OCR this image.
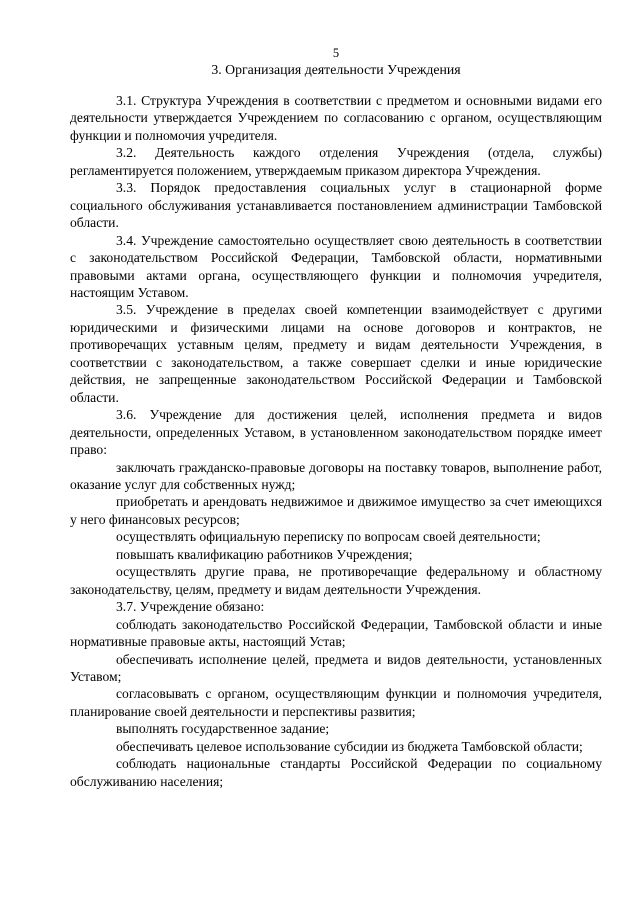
5

3. Организация деятельности Учреждения

3.1. Структура Учреждения в соответствии с предметом и основными видами его деятельности утверждается Учреждением по согласованию с органом, осуществляющим функции и полномочия учредителя.

3.2. Деятельность каждого отделения Учреждения (отдела, службы) регламентируется положением, утверждаемым приказом директора Учреждения.

3.3. Порядок предоставления социальных услуг в стационарной форме социального обслуживания устанавливается постановлением администрации Тамбовской области.

3.4. Учреждение самостоятельно осуществляет свою деятельность в соответствии с законодательством Российской Федерации, Тамбовской области, нормативными правовыми актами органа, осуществляющего функции и полномочия учредителя, настоящим Уставом.

3.5. Учреждение в пределах своей компетенции взаимодействует с другими юридическими и физическими лицами на основе договоров и контрактов, не противоречащих уставным целям, предмету и видам деятельности Учреждения, в соответствии с законодательством, а также совершает сделки и иные юридические действия, не запрещенные законодательством Российской Федерации и Тамбовской области.

3.6. Учреждение для достижения целей, исполнения предмета и видов деятельности, определенных Уставом, в установленном законодательством порядке имеет право:

заключать гражданско-правовые договоры на поставку товаров, выполнение работ, оказание услуг для собственных нужд;

приобретать и арендовать недвижимое и движимое имущество за счет имеющихся у него финансовых ресурсов;

осуществлять официальную переписку по вопросам своей деятельности;

повышать квалификацию работников Учреждения;

осуществлять другие права, не противоречащие федеральному и областному законодательству, целям, предмету и видам деятельности Учреждения.

3.7. Учреждение обязано:

соблюдать законодательство Российской Федерации, Тамбовской области и иные нормативные правовые акты, настоящий Устав;

обеспечивать исполнение целей, предмета и видов деятельности, установленных Уставом;

согласовывать с органом, осуществляющим функции и полномочия учредителя, планирование своей деятельности и перспективы развития;

выполнять государственное задание;

обеспечивать целевое использование субсидии из бюджета Тамбовской области;

соблюдать национальные стандарты Российской Федерации по социальному обслуживанию населения;
